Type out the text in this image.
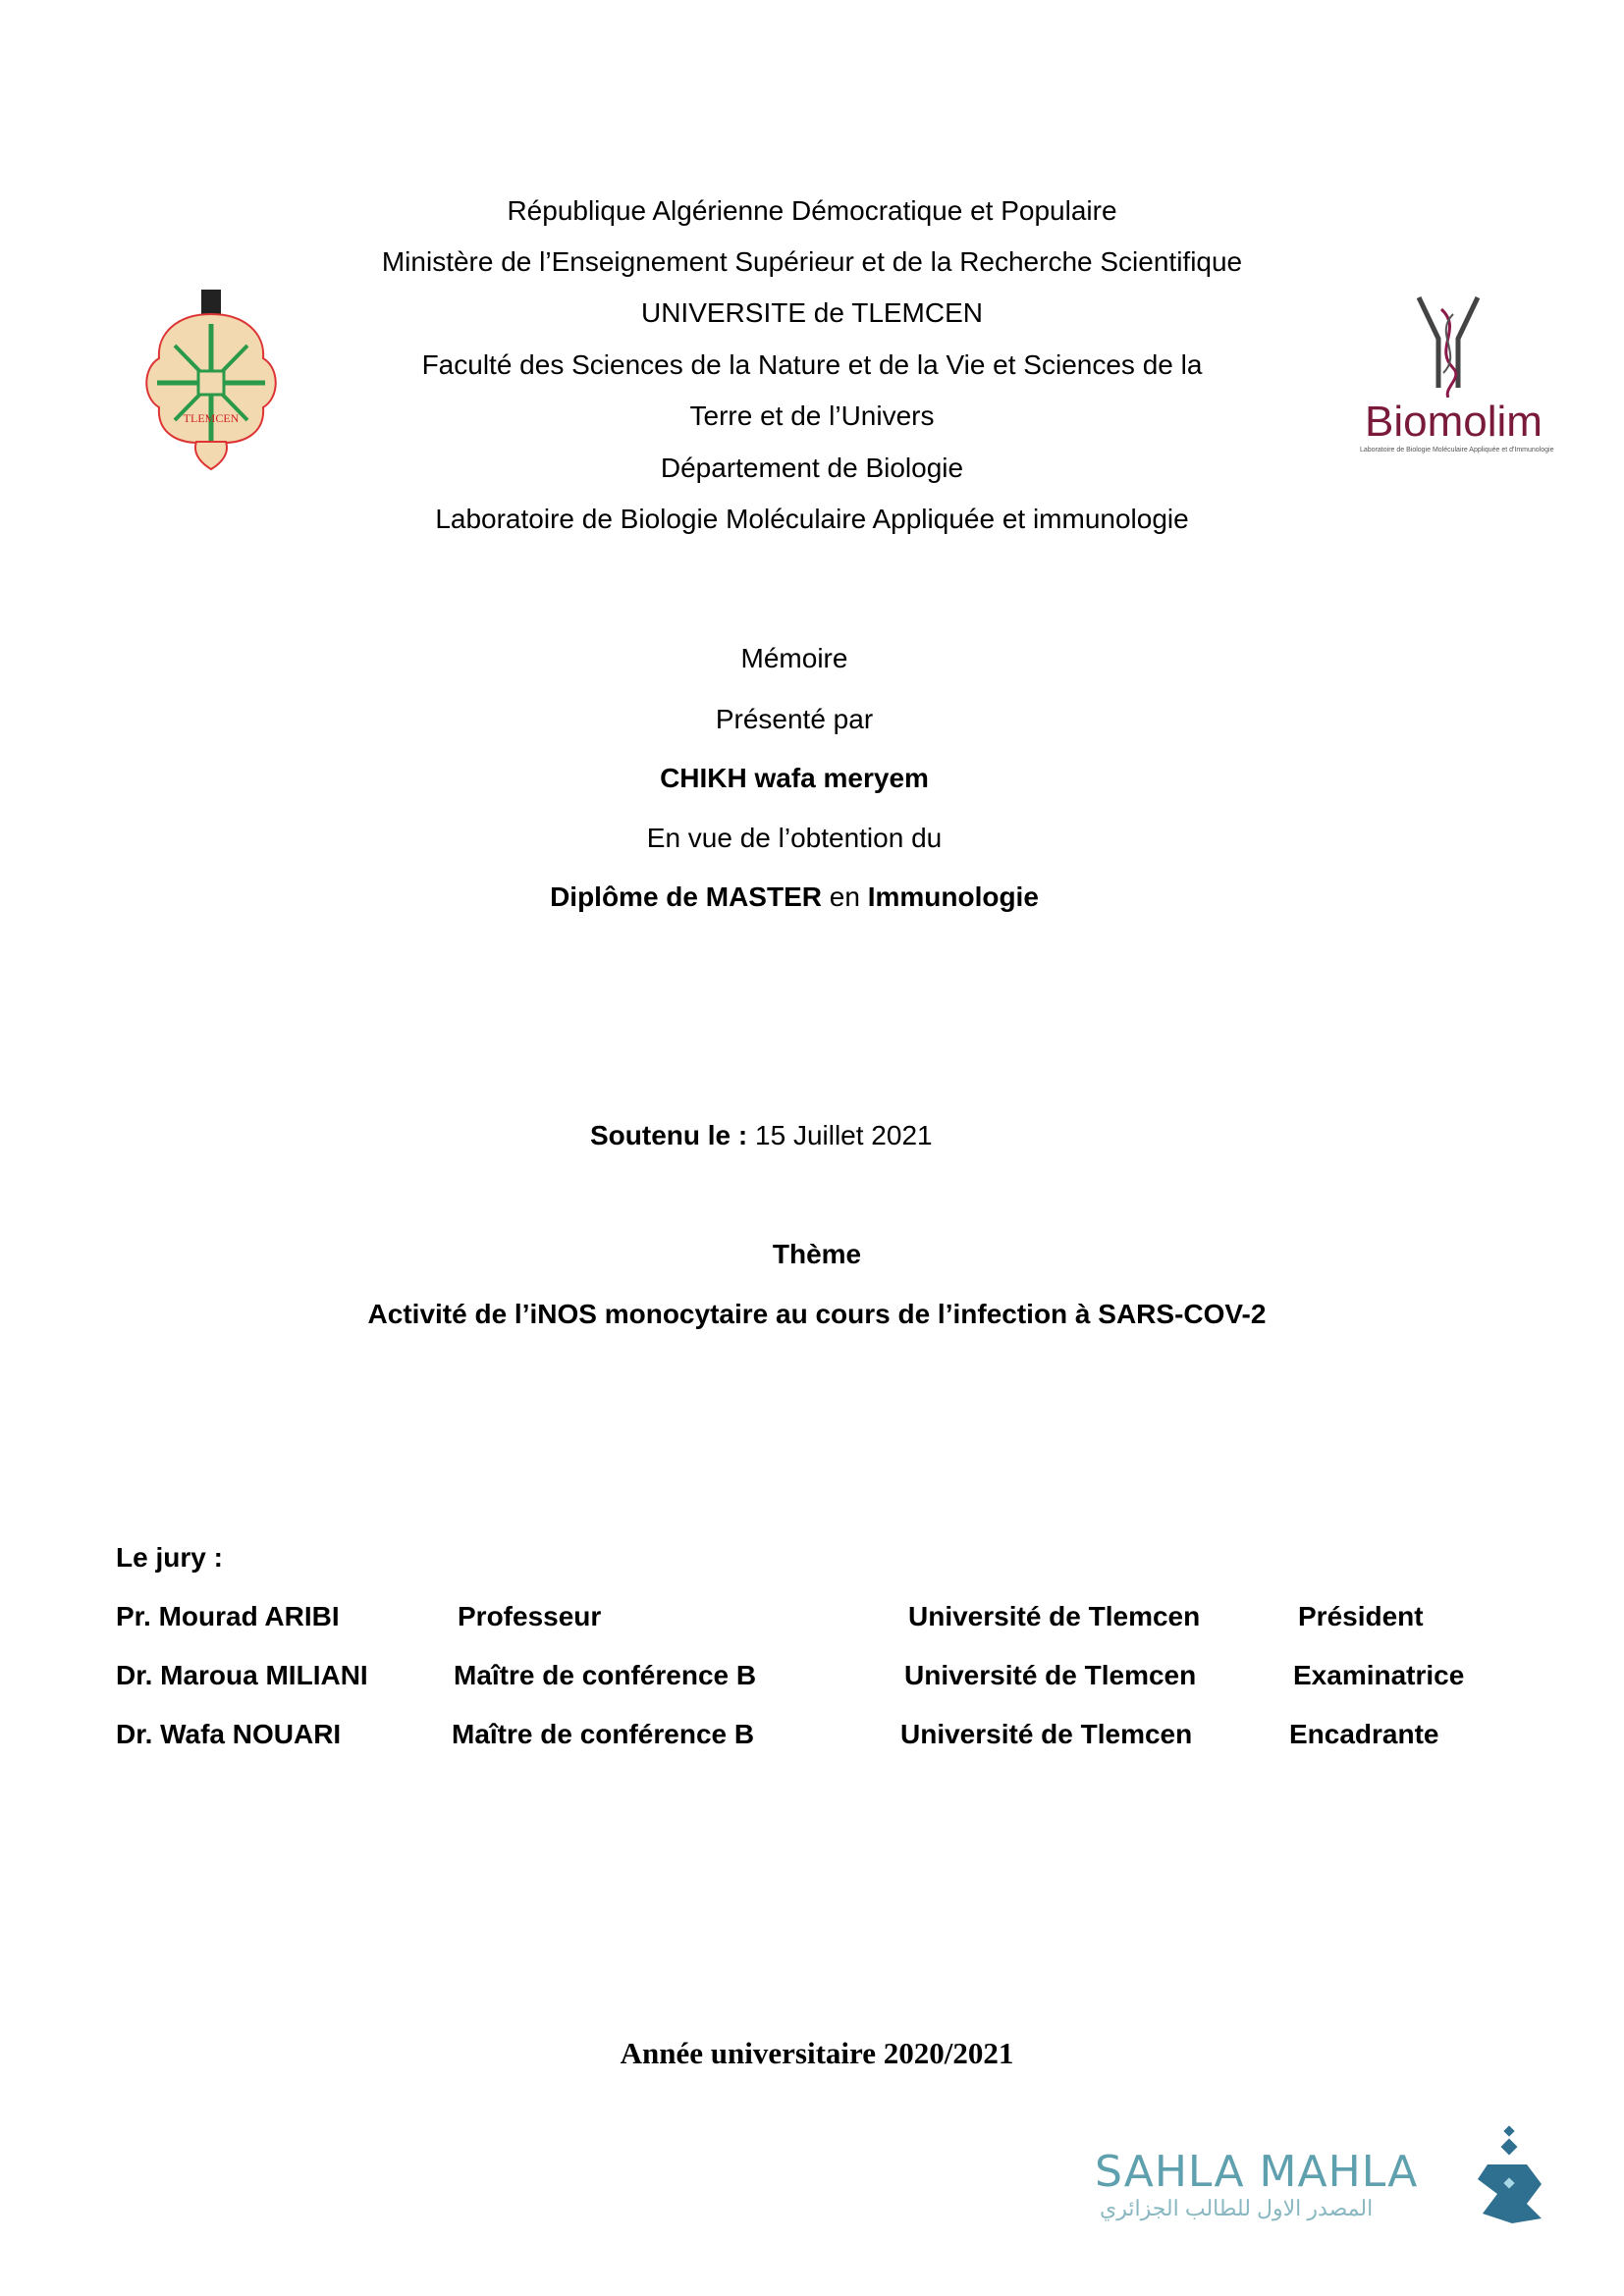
TLEMCEN	Biomolim
Laboratoire de Biologie Moléculaire Appliquée et d'Immunologie
République Algérienne Démocratique et Populaire
Ministère de l’Enseignement Supérieur et de la Recherche Scientifique
UNIVERSITE de TLEMCEN
Faculté des Sciences de la Nature et de la Vie et Sciences de la
Terre et de l’Univers
Département de Biologie
Laboratoire de Biologie Moléculaire Appliquée et immunologie
Mémoire
Présenté par
CHIKH wafa meryem
En vue de l’obtention du
Diplôme de MASTER en Immunologie
Soutenu le : 15 Juillet 2021
Thème
Activité de l’iNOS monocytaire au cours de l’infection à SARS-COV-2
Le jury :
Pr. Mourad ARIBI	Professeur	Université de Tlemcen	Président
Dr. Maroua MILIANI	Maître de conférence B	Université de Tlemcen	Examinatrice
Dr. Wafa NOUARI	Maître de conférence B	Université de Tlemcen	Encadrante
Année universitaire 2020/2021
SAHLA MAHLA
المصدر الاول للطالب الجزائري
